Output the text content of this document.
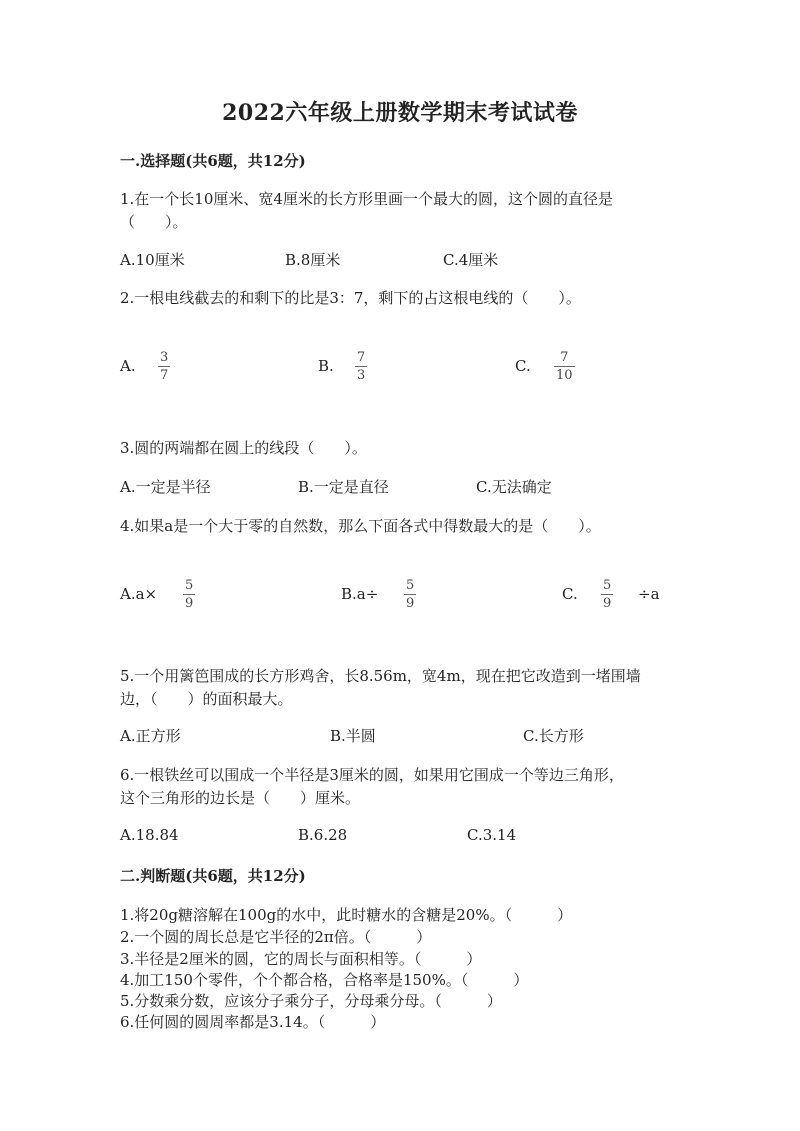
2022六年级上册数学期末考试试卷
一.选择题(共6题，共12分)
1.在一个长10厘米、宽4厘米的长方形里画一个最大的圆，这个圆的直径是
（　　）。
A.10厘米	B.8厘米	C.4厘米
2.一根电线截去的和剩下的比是3：7，剩下的占这根电线的（　　）。
A. 3
7
B. 7
3
C. 7
10
3.圆的两端都在圆上的线段（　　）。
A.一定是半径	B.一定是直径	C.无法确定
4.如果a是一个大于零的自然数，那么下面各式中得数最大的是（　　）。
A.a× 5
9
B.a÷ 5
9
C. 5
9
÷a
5.一个用篱笆围成的长方形鸡舍，长8.56m，宽4m，现在把它改造到一堵围墙
边，（　　）的面积最大。
A.正方形	B.半圆	C.长方形
6.一根铁丝可以围成一个半径是3厘米的圆，如果用它围成一个等边三角形，
这个三角形的边长是（　　）厘米。
A.18.84	B.6.28	C.3.14
二.判断题(共6题，共12分)
1.将20g糖溶解在100g的水中，此时糖水的含糖是20%。（　　　）
2.一个圆的周长总是它半径的2π倍。（　　　）
3.半径是2厘米的圆，它的周长与面积相等。（　　　）
4.加工150个零件，个个都合格，合格率是150%。（　　　）
5.分数乘分数，应该分子乘分子，分母乘分母。（　　　）
6.任何圆的圆周率都是3.14。（　　　）
